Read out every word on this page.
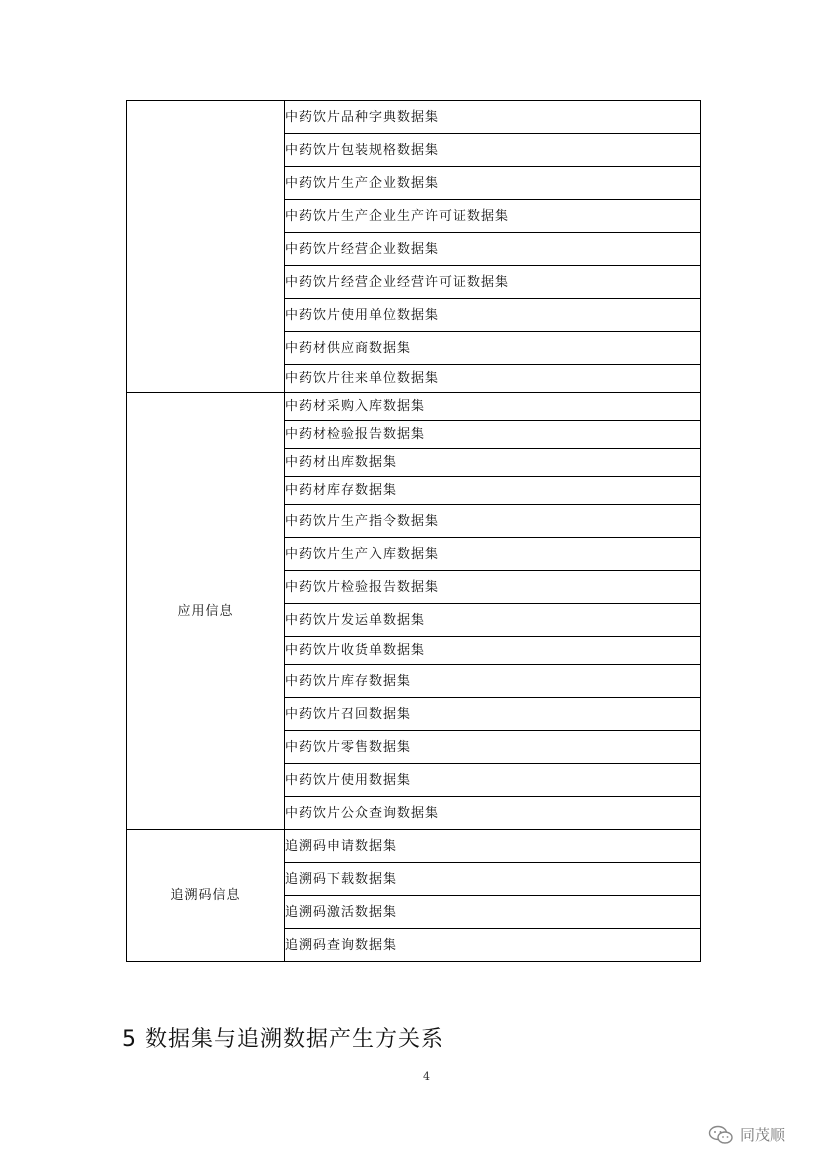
	中药饮片品种字典数据集
	中药饮片包装规格数据集
	中药饮片生产企业数据集
	中药饮片生产企业生产许可证数据集
	中药饮片经营企业数据集
	中药饮片经营企业经营许可证数据集
	中药饮片使用单位数据集
	中药材供应商数据集
	中药饮片往来单位数据集
应用信息	中药材采购入库数据集
	中药材检验报告数据集
	中药材出库数据集
	中药材库存数据集
	中药饮片生产指令数据集
	中药饮片生产入库数据集
	中药饮片检验报告数据集
	中药饮片发运单数据集
	中药饮片收货单数据集
	中药饮片库存数据集
	中药饮片召回数据集
	中药饮片零售数据集
	中药饮片使用数据集
	中药饮片公众查询数据集
追溯码信息	追溯码申请数据集
	追溯码下载数据集
	追溯码激活数据集
	追溯码查询数据集
5 数据集与追溯数据产生方关系
4
同茂顺
